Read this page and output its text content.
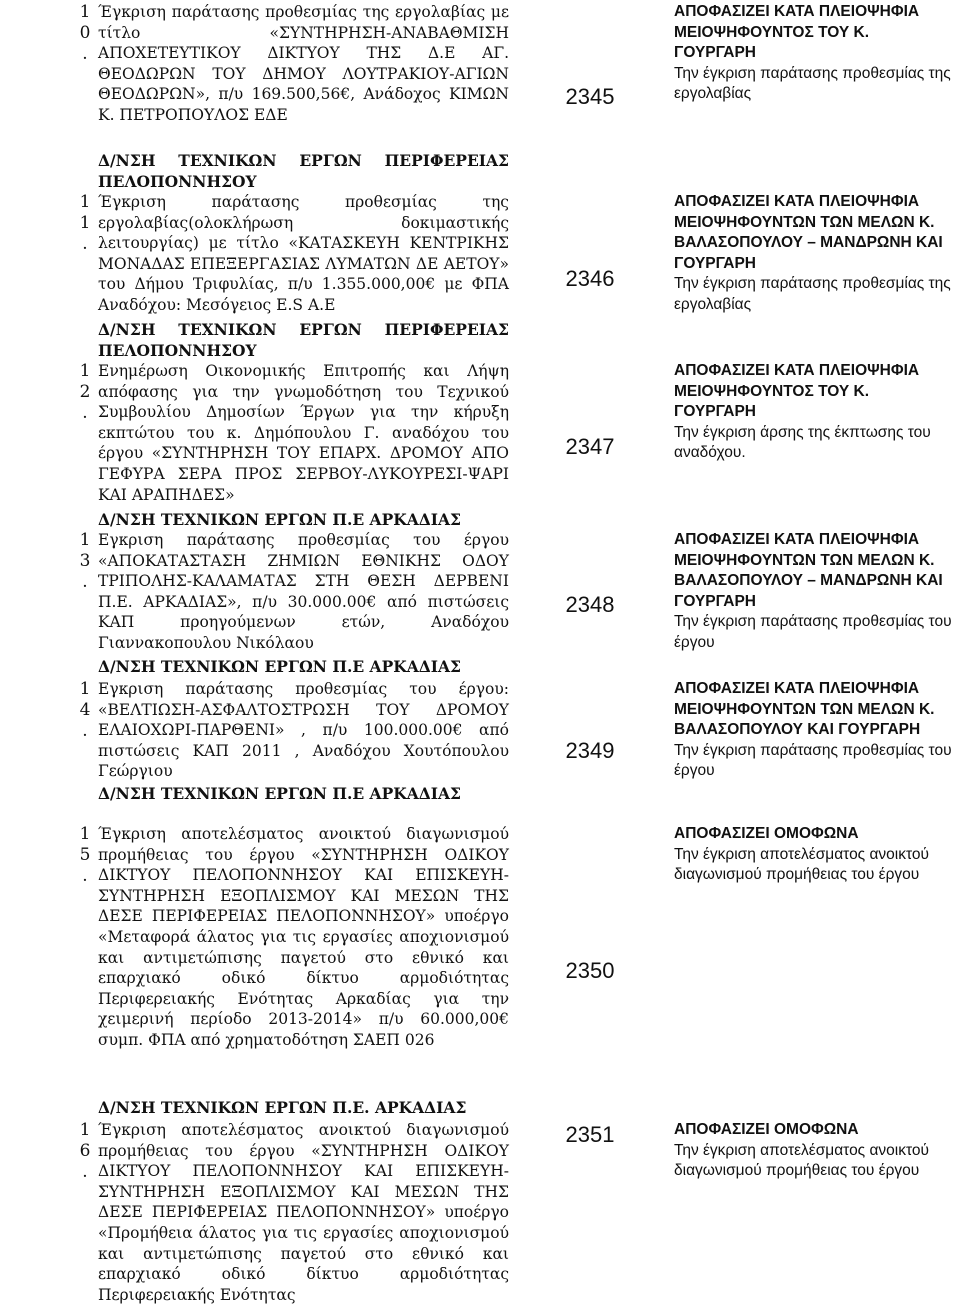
1
0
.

Έγκριση παράτασης προθεσμίας της εργολαβίας με τίτλο «ΣΥΝΤΗΡΗΣΗ-ΑΝΑΒΑΘΜΙΣΗ ΑΠΟΧΕΤΕΥΤΙΚΟΥ ΔΙΚΤΥΟΥ ΤΗΣ Δ.Ε ΑΓ. ΘΕΟΔΩΡΩΝ ΤΟΥ ΔΗΜΟΥ ΛΟΥΤΡΑΚΙΟΥ-ΑΓΙΩΝ ΘΕΟΔΩΡΩΝ», π/υ 169.500,56€, Ανάδοχος ΚΙΜΩΝ Κ. ΠΕΤΡΟΠΟΥΛΟΣ ΕΔΕ

2345
ΑΠΟΦΑΣΙΖΕΙ ΚΑΤΑ ΠΛΕΙΟΨΗΦΙΑ ΜΕΙΟΨΗΦΟΥΝΤΟΣ ΤΟΥ Κ. ΓΟΥΡΓΑΡΗ
Την έγκριση παράτασης προθεσμίας της εργολαβίας

Δ/ΝΣΗ ΤΕΧΝΙΚΩΝ ΕΡΓΩΝ ΠΕΡΙΦΕΡΕΙΑΣ ΠΕΛΟΠΟΝΝΗΣΟΥ

1
1
.

Έγκριση παράτασης προθεσμίας της εργολαβίας(ολοκλήρωση δοκιμαστικής λειτουργίας) με τίτλο «ΚΑΤΑΣΚΕΥΗ ΚΕΝΤΡΙΚΗΣ ΜΟΝΑΔΑΣ ΕΠΕΞΕΡΓΑΣΙΑΣ ΛΥΜΑΤΩΝ ΔΕ ΑΕΤΟΥ» του Δήμου Τριφυλίας, π/υ 1.355.000,00€ με ΦΠΑ Αναδόχου: Μεσόγειος E.S A.E

2346
ΑΠΟΦΑΣΙΖΕΙ ΚΑΤΑ ΠΛΕΙΟΨΗΦΙΑ ΜΕΙΟΨΗΦΟΥΝΤΩΝ ΤΩΝ ΜΕΛΩΝ Κ. ΒΑΛΑΣΟΠΟΥΛΟΥ – ΜΑΝΔΡΩΝΗ ΚΑΙ ΓΟΥΡΓΑΡΗ
Την έγκριση παράτασης προθεσμίας της εργολαβίας

Δ/ΝΣΗ ΤΕΧΝΙΚΩΝ ΕΡΓΩΝ ΠΕΡΙΦΕΡΕΙΑΣ ΠΕΛΟΠΟΝΝΗΣΟΥ

1
2
.

Ενημέρωση Οικονομικής Επιτροπής και Λήψη απόφασης για την γνωμοδότηση του Τεχνικού Συμβουλίου Δημοσίων Έργων για την κήρυξη εκπτώτου του κ. Δημόπουλου Γ. αναδόχου του έργου «ΣΥΝΤΗΡΗΣΗ ΤΟΥ ΕΠΑΡΧ. ΔΡΟΜΟΥ ΑΠΟ ΓΕΦΥΡΑ ΣΕΡΑ ΠΡΟΣ ΣΕΡΒΟΥ-ΛΥΚΟΥΡΕΣΙ-ΨΑΡΙ ΚΑΙ ΑΡΑΠΗΔΕΣ»

2347
ΑΠΟΦΑΣΙΖΕΙ ΚΑΤΑ ΠΛΕΙΟΨΗΦΙΑ ΜΕΙΟΨΗΦΟΥΝΤΟΣ ΤΟΥ Κ. ΓΟΥΡΓΑΡΗ
Την έγκριση άρσης της έκπτωσης του αναδόχου.

Δ/ΝΣΗ ΤΕΧΝΙΚΩΝ ΕΡΓΩΝ Π.Ε ΑΡΚΑΔΙΑΣ

1
3
.

Εγκριση παράτασης προθεσμίας του έργου «ΑΠΟΚΑΤΑΣΤΑΣΗ ΖΗΜΙΩΝ ΕΘΝΙΚΗΣ ΟΔΟΥ ΤΡΙΠΟΛΗΣ-ΚΑΛΑΜΑΤΑΣ ΣΤΗ ΘΕΣΗ ΔΕΡΒΕΝΙ Π.Ε. ΑΡΚΑΔΙΑΣ», π/υ 30.000.00€ από πιστώσεις ΚΑΠ προηγούμενων ετών, Αναδόχου Γιαννακοπουλου Νικόλαου

2348
ΑΠΟΦΑΣΙΖΕΙ ΚΑΤΑ ΠΛΕΙΟΨΗΦΙΑ ΜΕΙΟΨΗΦΟΥΝΤΩΝ ΤΩΝ ΜΕΛΩΝ Κ. ΒΑΛΑΣΟΠΟΥΛΟΥ – ΜΑΝΔΡΩΝΗ ΚΑΙ ΓΟΥΡΓΑΡΗ
Την έγκριση παράτασης προθεσμίας του έργου

Δ/ΝΣΗ ΤΕΧΝΙΚΩΝ ΕΡΓΩΝ Π.Ε ΑΡΚΑΔΙΑΣ

1
4
.

Εγκριση παράτασης προθεσμίας του έργου: «ΒΕΛΤΙΩΣΗ-ΑΣΦΑΛΤΟΣΤΡΩΣΗ ΤΟΥ ΔΡΟΜΟΥ ΕΛΑΙΟΧΩΡΙ-ΠΑΡΘΕΝΙ» , π/υ 100.000.00€ από πιστώσεις ΚΑΠ 2011 , Αναδόχου Χουτόπουλου Γεώργιου

2349
ΑΠΟΦΑΣΙΖΕΙ ΚΑΤΑ ΠΛΕΙΟΨΗΦΙΑ ΜΕΙΟΨΗΦΟΥΝΤΩΝ ΤΩΝ ΜΕΛΩΝ Κ. ΒΑΛΑΣΟΠΟΥΛΟΥ ΚΑΙ ΓΟΥΡΓΑΡΗ
Την έγκριση παράτασης προθεσμίας του έργου

Δ/ΝΣΗ ΤΕΧΝΙΚΩΝ ΕΡΓΩΝ Π.Ε ΑΡΚΑΔΙΑΣ

1
5
.

Έγκριση αποτελέσματος ανοικτού διαγωνισμού προμήθειας του έργου «ΣΥΝΤΗΡΗΣΗ ΟΔΙΚΟΥ ΔΙΚΤΥΟΥ ΠΕΛΟΠΟΝΝΗΣΟΥ ΚΑΙ ΕΠΙΣΚΕΥΗ-ΣΥΝΤΗΡΗΣΗ ΕΞΟΠΛΙΣΜΟΥ ΚΑΙ ΜΕΣΩΝ ΤΗΣ ΔΕΣΕ ΠΕΡΙΦΕΡΕΙΑΣ ΠΕΛΟΠΟΝΝΗΣΟΥ» υποέργο «Μεταφορά άλατος για τις εργασίες αποχιονισμού και αντιμετώπισης παγετού στο εθνικό και επαρχιακό οδικό δίκτυο αρμοδιότητας Περιφερειακής Ενότητας Αρκαδίας για την χειμερινή περίοδο 2013-2014» π/υ 60.000,00€ συμπ. ΦΠΑ από χρηματοδότηση ΣΑΕΠ 026

2350
ΑΠΟΦΑΣΙΖΕΙ ΟΜΟΦΩΝΑ
Την έγκριση αποτελέσματος ανοικτού διαγωνισμού προμήθειας του έργου

Δ/ΝΣΗ ΤΕΧΝΙΚΩΝ ΕΡΓΩΝ Π.Ε. ΑΡΚΑΔΙΑΣ

1
6
.

Έγκριση αποτελέσματος ανοικτού διαγωνισμού προμήθειας του έργου «ΣΥΝΤΗΡΗΣΗ ΟΔΙΚΟΥ ΔΙΚΤΥΟΥ ΠΕΛΟΠΟΝΝΗΣΟΥ ΚΑΙ ΕΠΙΣΚΕΥΗ-ΣΥΝΤΗΡΗΣΗ ΕΞΟΠΛΙΣΜΟΥ ΚΑΙ ΜΕΣΩΝ ΤΗΣ ΔΕΣΕ ΠΕΡΙΦΕΡΕΙΑΣ ΠΕΛΟΠΟΝΝΗΣΟΥ» υποέργο «Προμήθεια άλατος για τις εργασίες αποχιονισμού και αντιμετώπισης παγετού στο εθνικό και επαρχιακό οδικό δίκτυο αρμοδιότητας Περιφερειακής Ενότητας

2351	ΑΠΟΦΑΣΙΖΕΙ ΟΜΟΦΩΝΑ
Την έγκριση αποτελέσματος ανοικτού διαγωνισμού προμήθειας του έργου
